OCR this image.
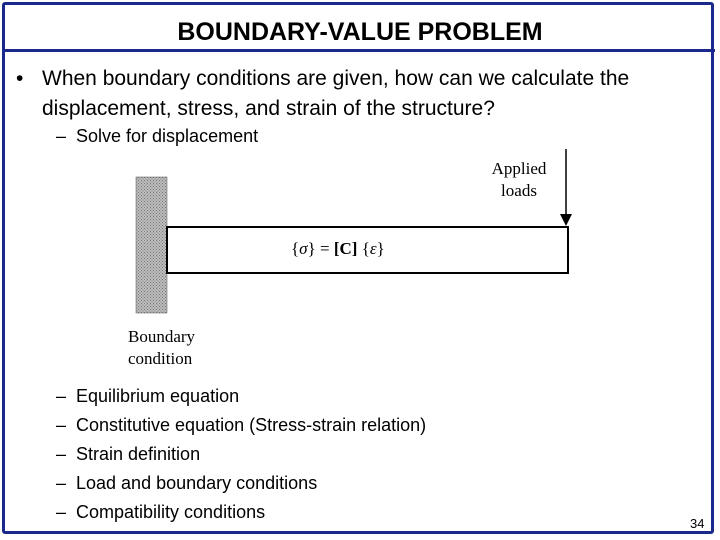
BOUNDARY-VALUE PROBLEM
• When boundary conditions are given, how can we calculate the displacement, stress, and strain of the structure?
– Solve for displacement
Applied
loads
Boundary
condition
{σ} = [C] {ε}
– Equilibrium equation
– Constitutive equation (Stress-strain relation)
– Strain definition
– Load and boundary conditions
– Compatibility conditions
34
